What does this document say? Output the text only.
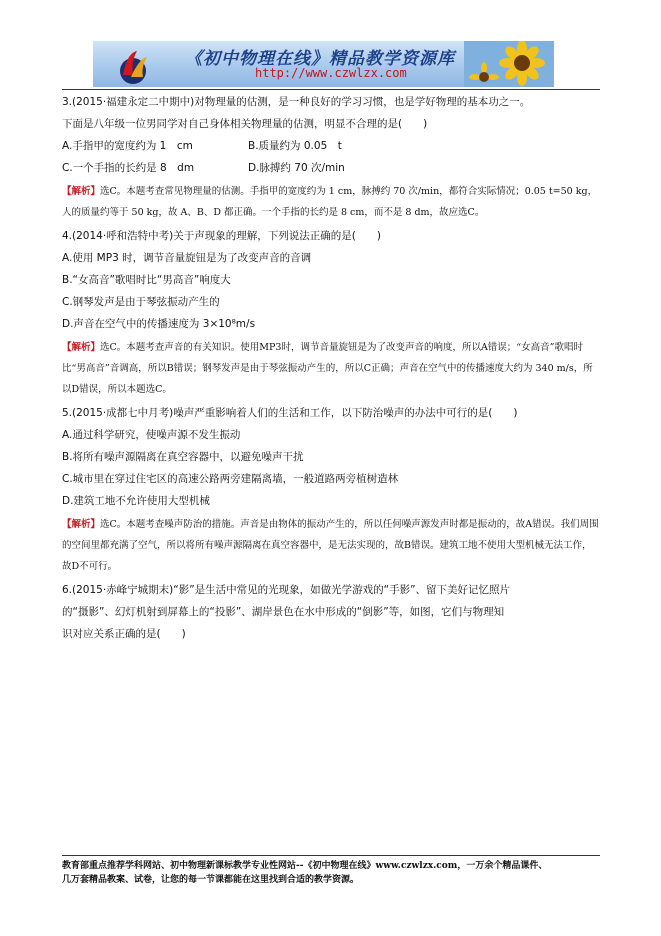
《初中物理在线》精品教学资源库
http://www.czwlzx.com

3.(2015·福建永定二中期中)对物理量的估测，是一种良好的学习习惯，也是学好物理的基本功之一。

下面是八年级一位男同学对自己身体相关物理量的估测，明显不合理的是(　　)

A.手指甲的宽度约为 1　cm	B.质量约为 0.05　t
C.一个手指的长约是 8　dm	D.脉搏约 70 次/min

【解析】选C。本题考查常见物理量的估测。手指甲的宽度约为 1 cm，脉搏约 70 次/min，都符合实际情况；0.05 t=50 kg，人的质量约等于 50 kg，故 A、B、D 都正确。一个手指的长约是 8 cm，而不是 8 dm，故应选C。

4.(2014·呼和浩特中考)关于声现象的理解，下列说法正确的是(　　)

A.使用 MP3 时，调节音量旋钮是为了改变声音的音调

B.“女高音”歌唱时比“男高音”响度大

C.钢琴发声是由于琴弦振动产生的

D.声音在空气中的传播速度为 3×10⁸m/s

【解析】选C。本题考查声音的有关知识。使用MP3时，调节音量旋钮是为了改变声音的响度，所以A错误；“女高音”歌唱时比“男高音”音调高，所以B错误；钢琴发声是由于琴弦振动产生的，所以C正确；声音在空气中的传播速度大约为 340 m/s，所以D错误，所以本题选C。

5.(2015·成都七中月考)噪声严重影响着人们的生活和工作，以下防治噪声的办法中可行的是(　　)

A.通过科学研究，使噪声源不发生振动

B.将所有噪声源隔离在真空容器中，以避免噪声干扰

C.城市里在穿过住宅区的高速公路两旁建隔离墙，一般道路两旁植树造林

D.建筑工地不允许使用大型机械

【解析】选C。本题考查噪声防治的措施。声音是由物体的振动产生的，所以任何噪声源发声时都是振动的，故A错误。我们周围的空间里都充满了空气，所以将所有噪声源隔离在真空容器中，是无法实现的，故B错误。建筑工地不使用大型机械无法工作，故D不可行。

6.(2015·赤峰宁城期末)“影”是生活中常见的光现象，如做光学游戏的“手影”、留下美好记忆照片

的“摄影”、幻灯机射到屏幕上的“投影”、湖岸景色在水中形成的“倒影”等，如图，它们与物理知

识对应关系正确的是(　　)

教育部重点推荐学科网站、初中物理新课标教学专业性网站--《初中物理在线》www.czwlzx.com，一万余个精品课件、
几万套精品教案、试卷，让您的每一节课都能在这里找到合适的教学资源。
